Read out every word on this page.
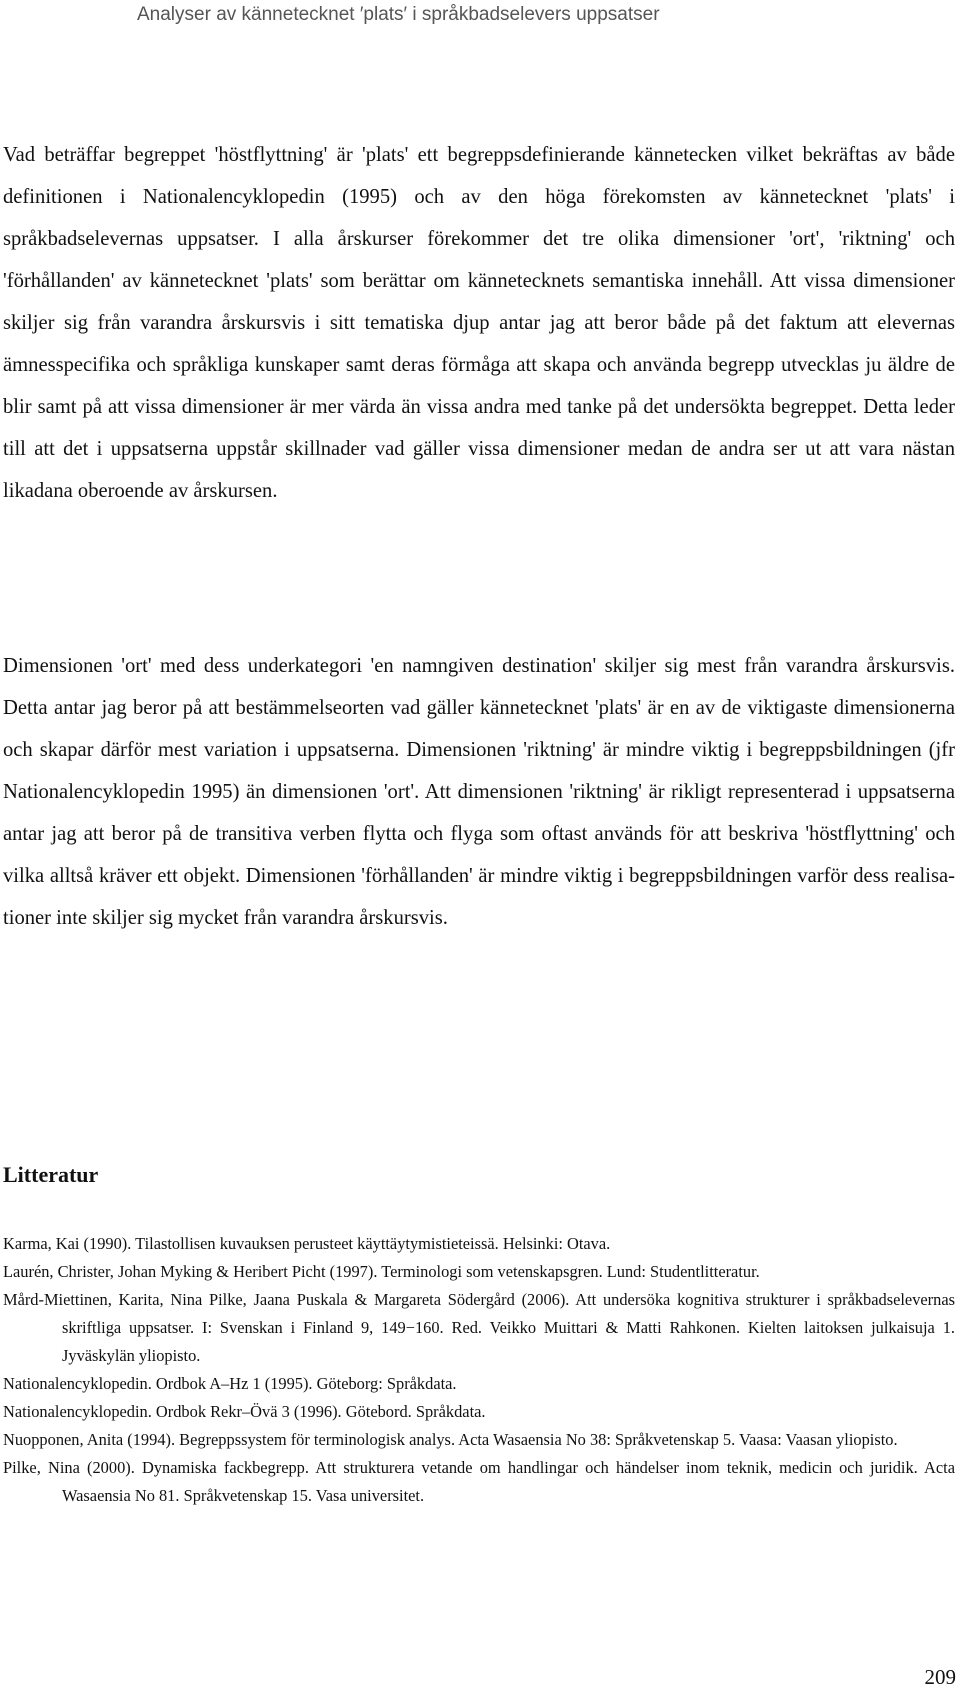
Analyser av kännetecknet ′plats′ i språkbadselevers uppsatser

Vad beträffar begreppet 'höstflyttning' är 'plats' ett begreppsdefinierande kännetecken vilket bekräftas av både definitionen i Nationalencyklopedin (1995) och av den höga förekomsten av kännetecknet 'plats' i språkbadselevernas uppsatser. I alla årskurser förekommer det tre olika dimensioner 'ort', 'riktning' och 'förhållanden' av kännetecknet 'plats' som berättar om kännetecknets semantiska innehåll. Att vissa dimensioner skiljer sig från varandra årskursvis i sitt tematiska djup antar jag att beror både på det faktum att elevernas ämnesspecifika och språkliga kunskaper samt deras förmåga att skapa och använda begrepp utvecklas ju äldre de blir samt på att vissa dimensioner är mer värda än vissa andra med tanke på det undersökta begreppet. Detta leder till att det i uppsatserna uppstår skillnader vad gäller vissa dimensioner medan de andra ser ut att vara nästan likadana oberoende av årskursen.

Dimensionen 'ort' med dess underkategori 'en namngiven destination' skiljer sig mest från varandra årskursvis. Detta antar jag beror på att bestämmelseorten vad gäller kännetecknet 'plats' är en av de viktigaste dimensionerna och skapar därför mest variation i uppsatserna. Dimensionen 'riktning' är mindre viktig i begreppsbildningen (jfr Nationalencyklopedin 1995) än dimensionen 'ort'. Att dimensionen 'riktning' är rikligt representerad i uppsatserna antar jag att beror på de transitiva verben flytta och flyga som oftast används för att beskriva 'höstflyttning' och vilka alltså kräver ett objekt. Dimensionen 'förhållanden' är mindre viktig i begreppsbildningen varför dess realisationer inte skiljer sig mycket från varandra årskursvis.

Litteratur
Karma, Kai (1990). Tilastollisen kuvauksen perusteet käyttäytymistieteissä. Helsinki: Otava.
Laurén, Christer, Johan Myking & Heribert Picht (1997). Terminologi som vetenskapsgren. Lund: Studentlitteratur.
Mård-Miettinen, Karita, Nina Pilke, Jaana Puskala & Margareta Södergård (2006). Att undersöka kognitiva strukturer i språkbadselevernas skriftliga uppsatser. I: Svenskan i Finland 9, 149−160. Red. Veikko Muittari & Matti Rahkonen. Kielten laitoksen julkaisuja 1. Jyväskylän yliopisto.
Nationalencyklopedin. Ordbok A–Hz 1 (1995). Göteborg: Språkdata.
Nationalencyklopedin. Ordbok Rekr–Övä 3 (1996). Götebord. Språkdata.
Nuopponen, Anita (1994). Begreppssystem för terminologisk analys. Acta Wasaensia No 38: Språkvetenskap 5. Vaasa: Vaasan yliopisto.
Pilke, Nina (2000). Dynamiska fackbegrepp. Att strukturera vetande om handlingar och händelser inom teknik, medicin och juridik. Acta Wasaensia No 81. Språkvetenskap 15. Vasa universitet.
209
